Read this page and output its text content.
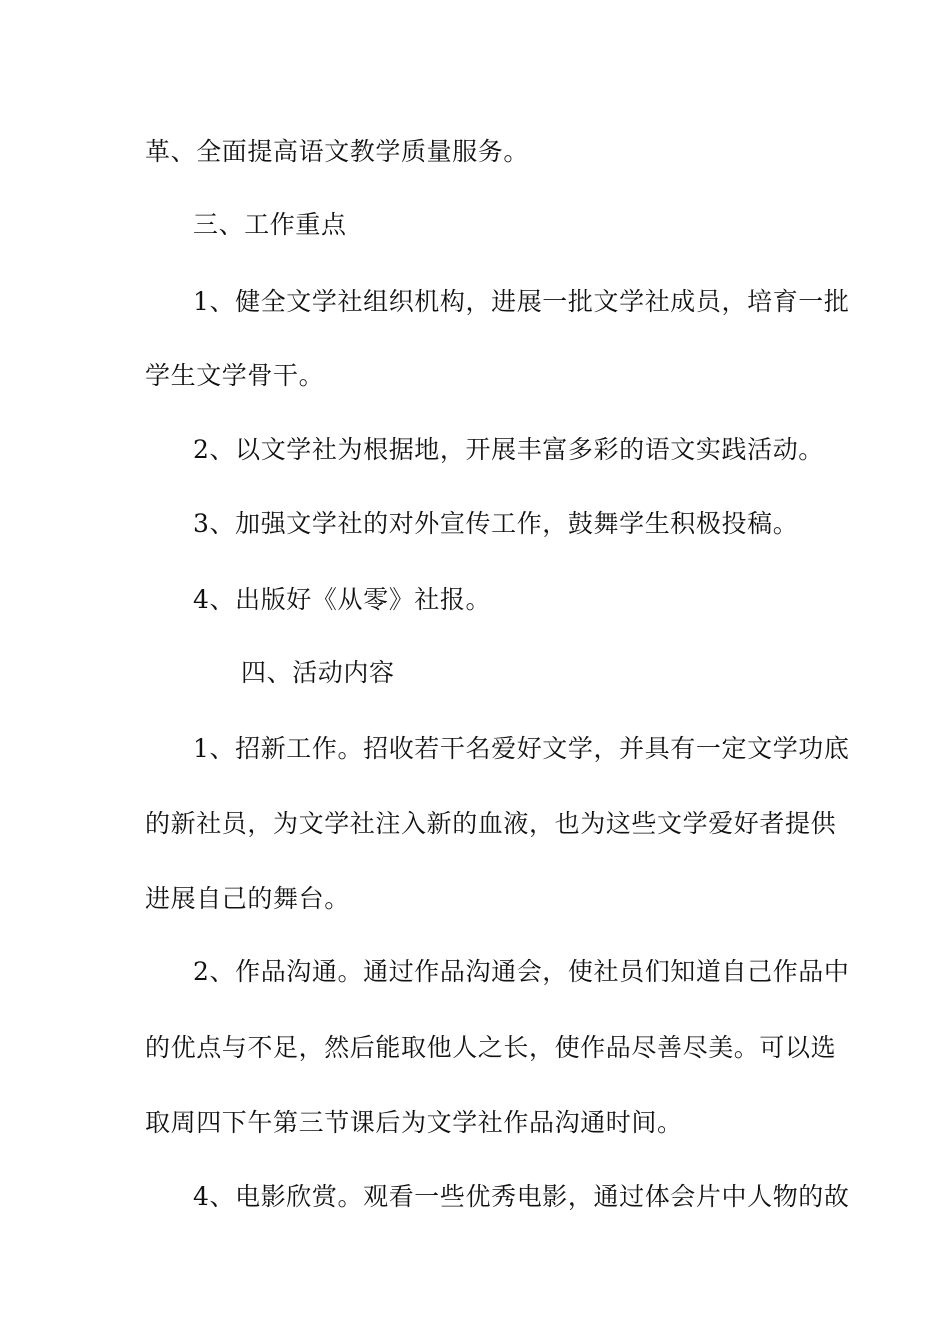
革、全面提高语文教学质量服务。
三、工作重点
1、健全文学社组织机构，进展一批文学社成员，培育一批
学生文学骨干。
2、以文学社为根据地，开展丰富多彩的语文实践活动。
3、加强文学社的对外宣传工作，鼓舞学生积极投稿。
4、出版好《从零》社报。
四、活动内容
1、招新工作。招收若干名爱好文学，并具有一定文学功底
的新社员，为文学社注入新的血液，也为这些文学爱好者提供
进展自己的舞台。
2、作品沟通。通过作品沟通会，使社员们知道自己作品中
的优点与不足，然后能取他人之长，使作品尽善尽美。可以选
取周四下午第三节课后为文学社作品沟通时间。
4、电影欣赏。观看一些优秀电影，通过体会片中人物的故
